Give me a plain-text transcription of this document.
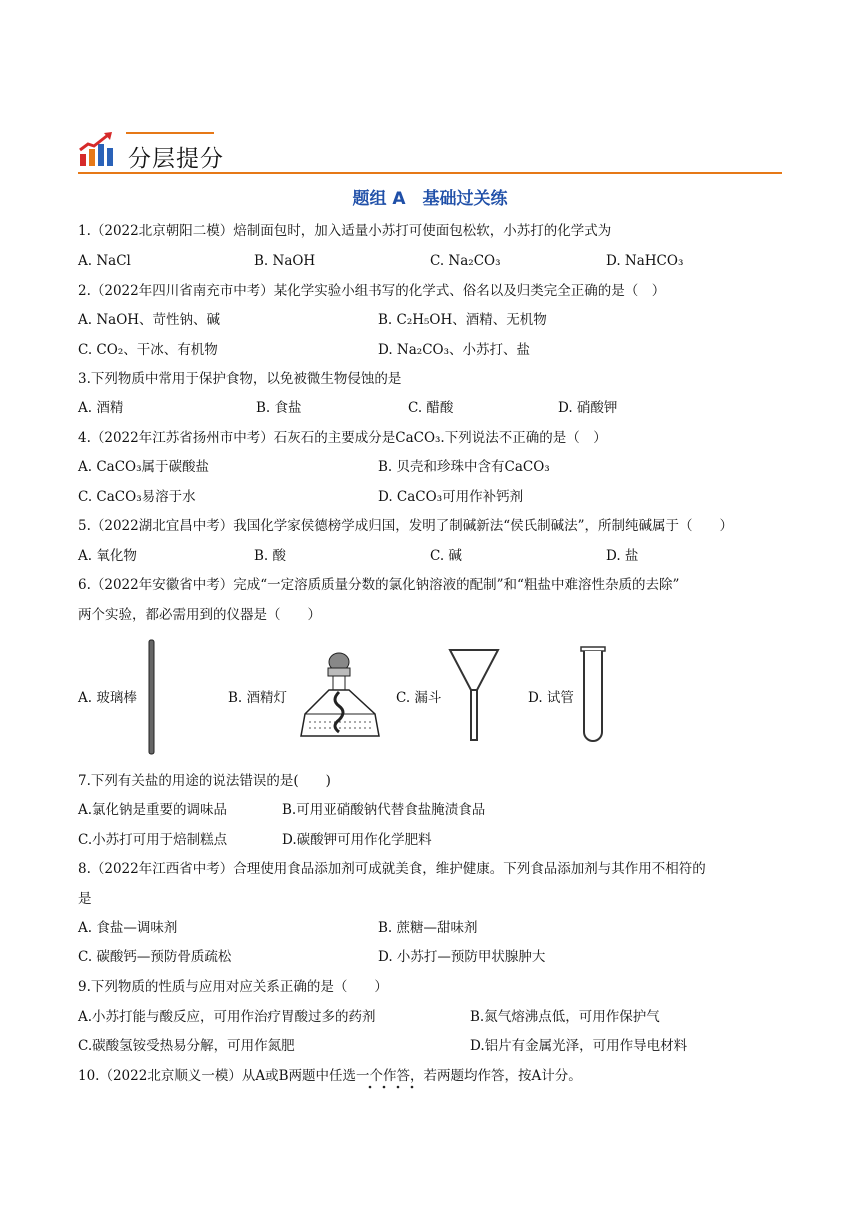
分层提分
题组 A　基础过关练
1.（2022北京朝阳二模）焙制面包时，加入适量小苏打可使面包松软，小苏打的化学式为
A. NaCl	B. NaOH	C. Na₂CO₃	D. NaHCO₃
2.（2022年四川省南充市中考）某化学实验小组书写的化学式、俗名以及归类完全正确的是（　）
A. NaOH、苛性钠、碱	B. C₂H₅OH、酒精、无机物
C. CO₂、干冰、有机物	D. Na₂CO₃、小苏打、盐
3.下列物质中常用于保护食物，以免被微生物侵蚀的是
A. 酒精	B. 食盐	C. 醋酸	D. 硝酸钾
4.（2022年江苏省扬州市中考）石灰石的主要成分是CaCO₃.下列说法不正确的是（　）
A. CaCO₃属于碳酸盐	B. 贝壳和珍珠中含有CaCO₃
C. CaCO₃易溶于水	D. CaCO₃可用作补钙剂
5.（2022湖北宜昌中考）我国化学家侯德榜学成归国，发明了制碱新法“侯氏制碱法”，所制纯碱属于（　　）
A. 氧化物	B. 酸	C. 碱	D. 盐
6.（2022年安徽省中考）完成“一定溶质质量分数的氯化钠溶液的配制”和“粗盐中难溶性杂质的去除”
两个实验，都必需用到的仪器是（　　）
A. 玻璃棒	B. 酒精灯	C. 漏斗	D. 试管
7.下列有关盐的用途的说法错误的是(　　)
A.氯化钠是重要的调味品	B.可用亚硝酸钠代替食盐腌渍食品
C.小苏打可用于焙制糕点	D.碳酸钾可用作化学肥料
8.（2022年江西省中考）合理使用食品添加剂可成就美食，维护健康。下列食品添加剂与其作用不相符的
是
A. 食盐—调味剂	B. 蔗糖—甜味剂
C. 碳酸钙—预防骨质疏松	D. 小苏打—预防甲状腺肿大
9.下列物质的性质与应用对应关系正确的是（　　）
A.小苏打能与酸反应，可用作治疗胃酸过多的药剂	B.氮气熔沸点低，可用作保护气
C.碳酸氢铵受热易分解，可用作氮肥	D.铝片有金属光泽，可用作导电材料
10.（2022北京顺义一模）从A或B两题中任选一个作答，若两题均作答，按A计分。
